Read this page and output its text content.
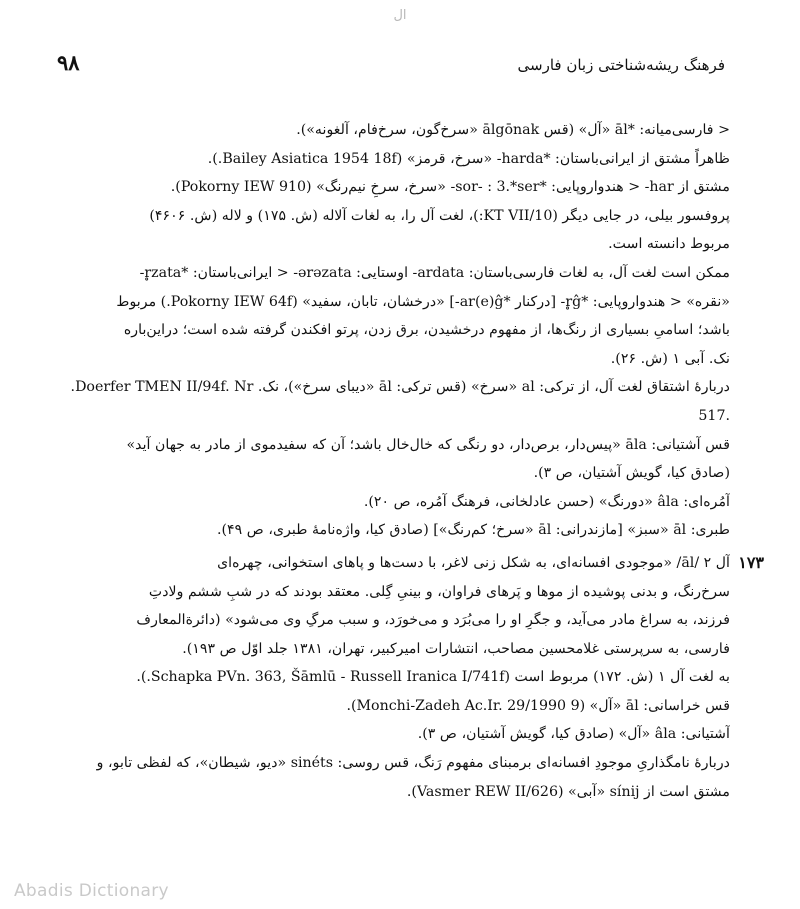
ال
۹۸	فرهنگ ریشه‌شناختی زبان فارسی
< فارسی‌میانه: *āl «آل» (قس ālgōnak «سرخ‌گون، سرخ‌فام، آلغونه»).
ظاهراً مشتق از ایرانی‌باستان: *harda- «سرخ، قرمز» (Bailey Asiatica 1954 18f.).
مشتق از har- < هندواروپایی: *sor- : 3.*ser- «سرخ، سرخِ نیم‌رنگ» (Pokorny IEW 910).
پروفسور بیلی، در جایی دیگر (KT VII/10:)، لغت آل را، به لغات آلاله (ش. ۱۷۵) و لاله (ش. ۴۶۰۶)
مربوط دانسته است.
ممکن است لغت آل، به لغات فارسی‌باستان: ardata- اوستایی: ərəzata- < ایرانی‌باستان: *r̥zata-
«نقره» < هندواروپایی: *r̥ĝ- [درکنار *ar(e)ĝ-] «درخشان، تابان، سفید» (Pokorny IEW 64f.) مربوط
باشد؛ اسامیِ بسیاری از رنگ‌ها، از مفهوم درخشیدن، برق زدن، پرتو افکندن گرفته شده است؛ دراین‌باره
نک. آبی ۱ (ش. ۲۶).
دربارهٔ اشتقاق لغت آل، از ترکی: al «سرخ» (قس ترکی: āl «دیبای سرخ»)، نک. Doerfer TMEN II/94f. Nr.
.517
قس آشتیانی: āla «پیس‌دار، برص‌دار، دو رنگی که خال‌خال باشد؛ آن که سفیدموی از مادر به جهان آید»
(صادق کیا، گویش آشتیان، ص ۳).
آمُره‌ای: âla «دورنگ» (حسن عادلخانی، فرهنگ آمُره، ص ۲۰).
طبری: āl «سبز» [مازندرانی: āl «سرخ؛ کم‌رنگ»] (صادق کیا، واژه‌نامهٔ طبری، ص ۴۹).
۱۷۳
آل ۲ /āl/ «موجودی افسانه‌ای، به شکل زنی لاغر، با دست‌ها و پاهای استخوانی، چهره‌ای
سرخ‌رنگ، و بدنی پوشیده از موها و پَرهای فراوان، و بینیِ گِلی. معتقد بودند که در شبِ ششم ولادتِ
فرزند، به سراغ مادر می‌آید، و جگرِ او را می‌بُرَد و می‌خورَد، و سبب مرگِ وی می‌شود» (دائرةالمعارف
فارسی، به سرپرستی غلامحسین مصاحب، انتشارات امیرکبیر، تهران، ۱۳۸۱ جلد اوّل ص ۱۹۳).
به لغت آل ۱ (ش. ۱۷۲) مربوط است (Schapka PVn. 363, Šāmlū - Russell Iranica I/741f.).
قس خراسانی: āl «آل» (Monchi-Zadeh Ac.Ir. 29/1990 9).
آشتیانی: âla «آل» (صادق کیا، گویش آشتیان، ص ۳).
دربارهٔ نامگذاریِ موجودِ افسانه‌ای برمبنای مفهوم رَنگ، قس روسی: sinéts «دیو، شیطان»، که لفظی تابو، و
مشتق است از sínij «آبی» (Vasmer REW II/626).
Abadis Dictionary
